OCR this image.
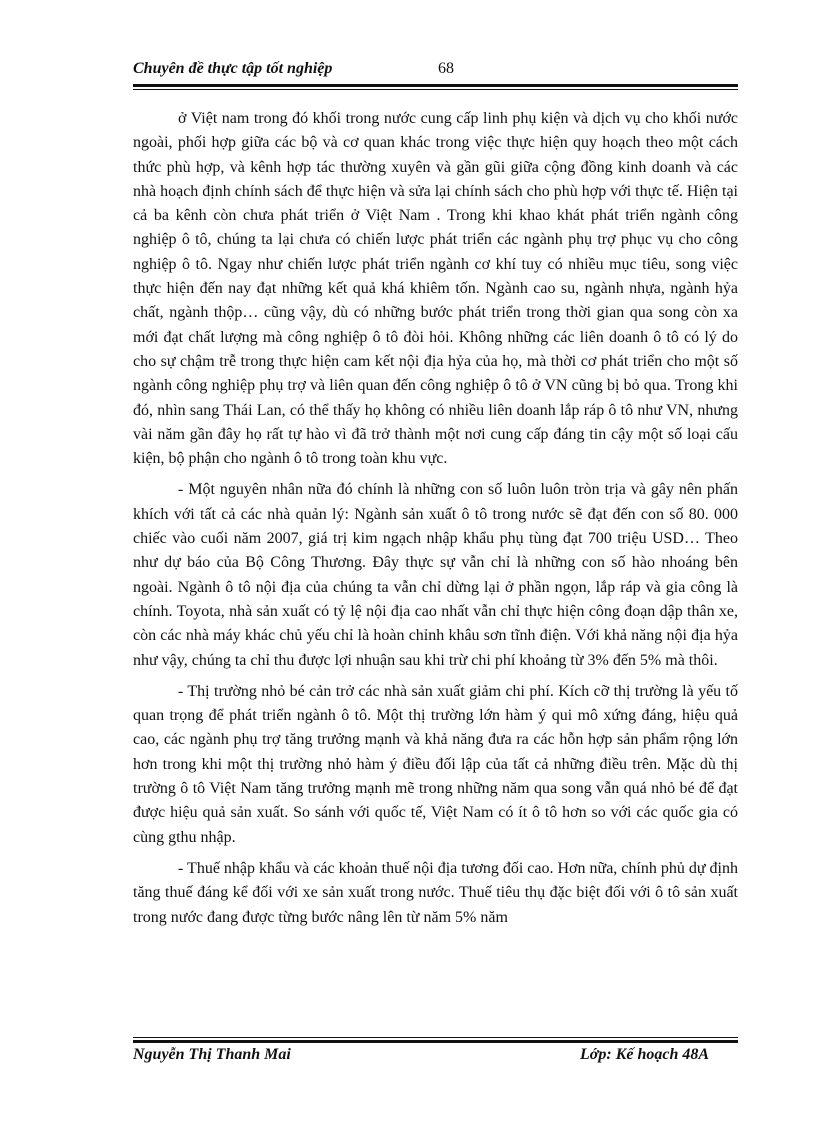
Chuyên đề thực tập tốt nghiệp	68

ở Việt nam trong đó khối trong nước cung cấp linh phụ kiện và dịch vụ cho khối nước ngoài, phối hợp giữa các bộ và cơ quan khác trong việc thực hiện quy hoạch theo một cách thức phù hợp, và kênh hợp tác thường xuyên và gần gũi giữa cộng đồng kinh doanh và các nhà hoạch định chính sách để thực hiện và sửa lại chính sách cho phù hợp với thực tế. Hiện tại cả ba kênh còn chưa phát triển ở Việt Nam . Trong khi khao khát phát triển ngành công nghiệp ô tô, chúng ta lại chưa có chiến lược phát triển các ngành phụ trợ phục vụ cho công nghiệp ô tô. Ngay như chiến lược phát triển ngành cơ khí tuy có nhiều mục tiêu, song việc thực hiện đến nay đạt những kết quả khá khiêm tốn. Ngành cao su, ngành nhựa, ngành hỷa chất, ngành thộp… cũng vậy, dù có những bước phát triển trong thời gian qua song còn xa mới đạt chất lượng mà công nghiệp ô tô đòi hỏi. Không những các liên doanh ô tô có lý do cho sự chậm trễ trong thực hiện cam kết nội địa hỷa của họ, mà thời cơ phát triển cho một số ngành công nghiệp phụ trợ và liên quan đến công nghiệp ô tô ở VN cũng bị bỏ qua. Trong khi đó, nhìn sang Thái Lan, có thể thấy họ không có nhiều liên doanh lắp ráp ô tô như VN, nhưng vài năm gần đây họ rất tự hào vì đã trở thành một nơi cung cấp đáng tin cậy một số loại cấu kiện, bộ phận cho ngành ô tô trong toàn khu vực.

- Một nguyên nhân nữa đó chính là những con số luôn luôn tròn trịa và gây nên phấn khích với tất cả các nhà quản lý: Ngành sản xuất ô tô trong nước sẽ đạt đến con số 80. 000 chiếc vào cuối năm 2007, giá trị kim ngạch nhập khẩu phụ tùng đạt 700 triệu USD… Theo như dự báo của Bộ Công Thương. Đây thực sự vẫn chỉ là những con số hào nhoáng bên ngoài. Ngành ô tô nội địa của chúng ta vẫn chỉ dừng lại ở phần ngọn, lắp ráp và gia công là chính. Toyota, nhà sản xuất có tỷ lệ nội địa cao nhất vẫn chỉ thực hiện công đoạn dập thân xe, còn các nhà máy khác chủ yếu chỉ là hoàn chỉnh khâu sơn tĩnh điện. Với khả năng nội địa hỷa như vậy, chúng ta chỉ thu được lợi nhuận sau khi trừ chi phí khoảng từ 3% đến 5% mà thôi.

- Thị trường nhỏ bé cản trở các nhà sản xuất giảm chi phí. Kích cỡ thị trường là yếu tố quan trọng để phát triển ngành ô tô. Một thị trường lớn hàm ý qui mô xứng đáng, hiệu quả cao, các ngành phụ trợ tăng trưởng mạnh và khả năng đưa ra các hỗn hợp sản phẩm rộng lớn hơn trong khi một thị trường nhỏ hàm ý điều đối lập của tất cả những điều trên. Mặc dù thị trường ô tô Việt Nam tăng trưởng mạnh mẽ trong những năm qua song vẫn quá nhỏ bé để đạt được hiệu quả sản xuất. So sánh với quốc tế, Việt Nam có ít ô tô hơn so với các quốc gia có cùng gthu nhập.

- Thuế nhập khẩu và các khoản thuế nội địa tương đối cao. Hơn nữa, chính phủ dự định tăng thuế đáng kể đối với xe sản xuất trong nước. Thuế tiêu thụ đặc biệt đối với ô tô sản xuất trong nước đang được từng bước nâng lên từ năm 5% năm

Nguyễn Thị Thanh Mai	Lớp: Kế hoạch 48A
